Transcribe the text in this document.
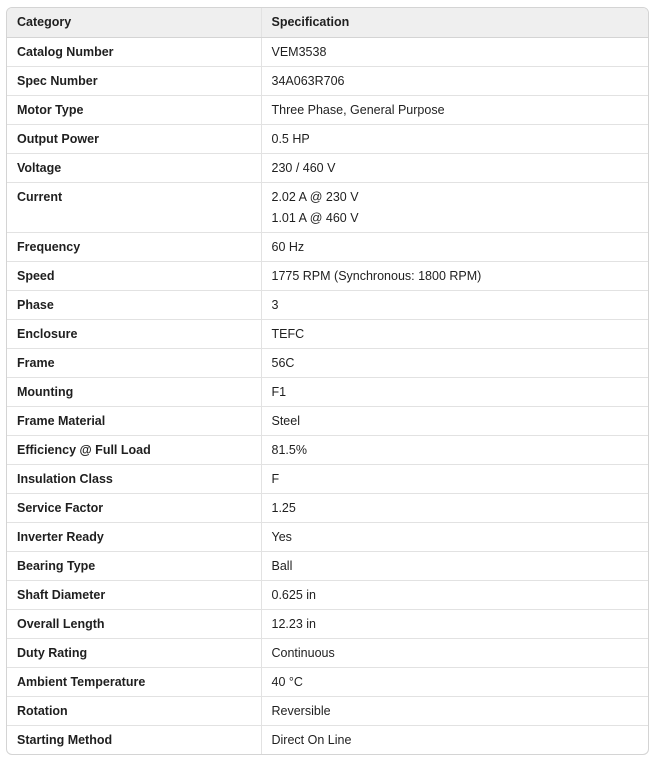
Category	Specification
Catalog Number	VEM3538

Spec Number	34A063R706

Motor Type	Three Phase, General Purpose

Output Power	0.5 HP

Voltage	230 / 460 V

Current	2.02 A @ 230 V
1.01 A @ 460 V

Frequency	60 Hz

Speed	1775 RPM (Synchronous: 1800 RPM)

Phase	3

Enclosure	TEFC

Frame	56C

Mounting	F1

Frame Material	Steel

Efficiency @ Full Load	81.5%

Insulation Class	F

Service Factor	1.25

Inverter Ready	Yes

Bearing Type	Ball

Shaft Diameter	0.625 in

Overall Length	12.23 in

Duty Rating	Continuous

Ambient Temperature	40 °C

Rotation	Reversible

Starting Method	Direct On Line
